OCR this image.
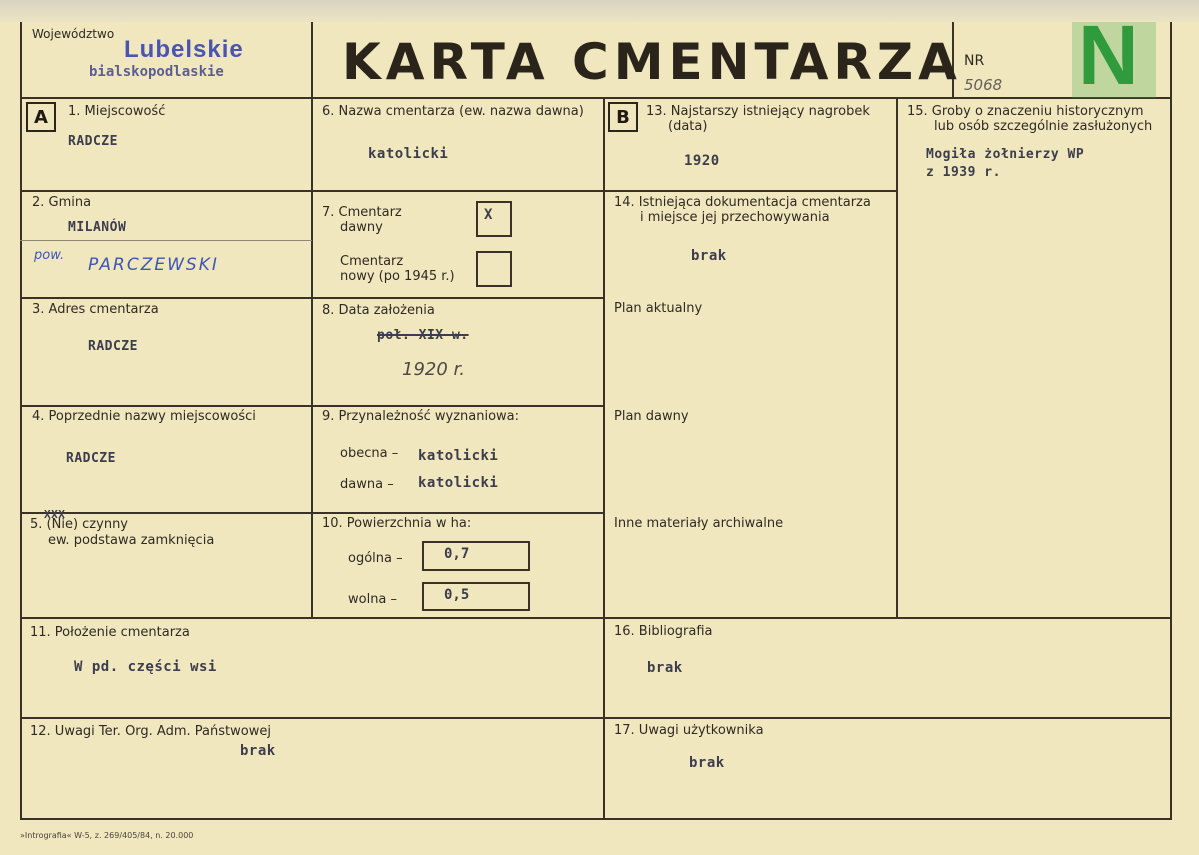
Województwo
Lubelskie
bialskopodlaskie KARTA CMENTARZA NR
5068 N
A	1. Miejscowość
RADCZE
2. Gmina
MILANÓW
pow. PARCZEWSKI
3. Adres cmentarza
RADCZE
4. Poprzednie nazwy miejscowości
RADCZE
5. (Nie) czynny
XXX
ew. podstawa zamknięcia
6. Nazwa cmentarza (ew. nazwa dawna)
katolicki
7. Cmentarz
dawny
X
Cmentarz
nowy (po 1945 r.)
8. Data założenia
poł. XIX w.
1920 r.
9. Przynależność wyznaniowa:
obecna – katolicki
dawna – katolicki
10. Powierzchnia w ha:
ogólna –	0,7
wolna –	0,5
B	13. Najstarszy istniejący nagrobek
(data)
1920
14. Istniejąca dokumentacja cmentarza
i miejsce jej przechowywania
brak
Plan aktualny
Plan dawny
Inne materiały archiwalne
15. Groby o znaczeniu historycznym
lub osób szczególnie zasłużonych
Mogiła żołnierzy WP
z 1939 r.
11. Położenie cmentarza
W pd. części wsi
16. Bibliografia
brak
12. Uwagi Ter. Org. Adm. Państwowej
brak
17. Uwagi użytkownika
brak
»Intrografia« W-5, z. 269/405/84, n. 20.000
